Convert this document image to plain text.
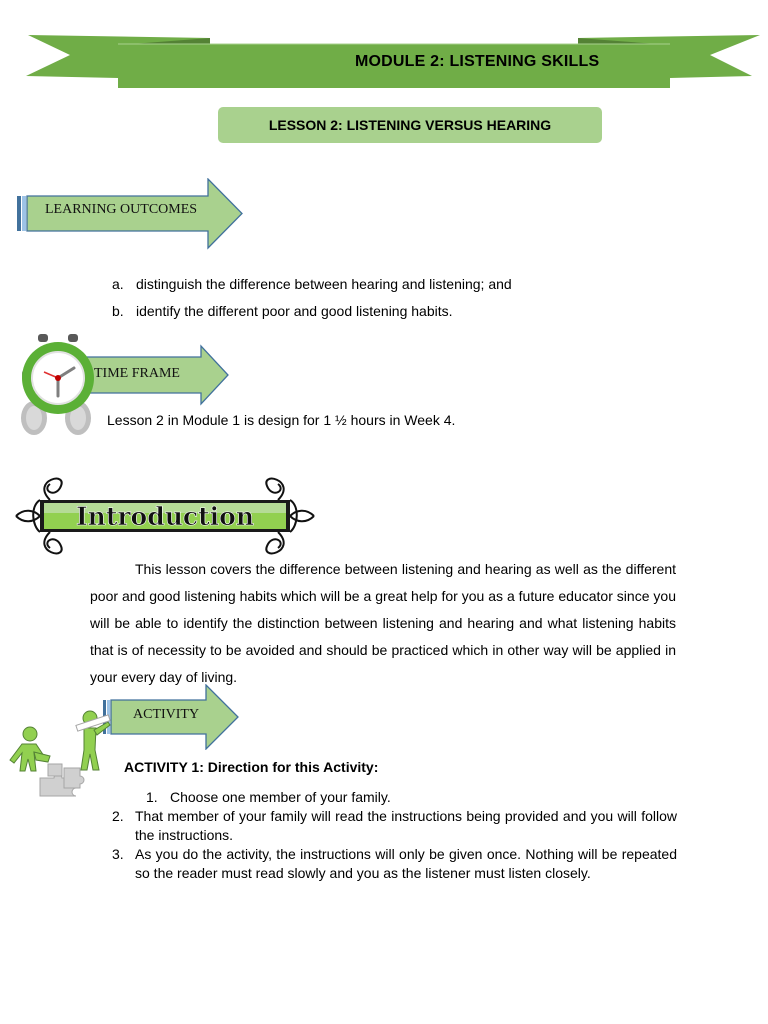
MODULE 2: LISTENING SKILLS
LESSON 2: LISTENING VERSUS HEARING
LEARNING OUTCOMES
a. distinguish the difference between hearing and listening; and
b. identify the different poor and good listening habits.
TIME FRAME
Lesson 2 in Module 1 is design for 1 ½ hours in Week 4.
Introduction
This lesson covers the difference between listening and hearing as well as the different poor and good listening habits which will be a great help for you as a future educator since you will be able to identify the distinction between listening and hearing and what listening habits that is of necessity to be avoided and should be practiced which in other way will be applied in your every day of living.
ACTIVITY
ACTIVITY 1: Direction for this Activity:
1. Choose one member of your family.
2. That member of your family will read the instructions being provided and you will follow the instructions.
3. As you do the activity, the instructions will only be given once. Nothing will be repeated so the reader must read slowly and you as the listener must listen closely.
